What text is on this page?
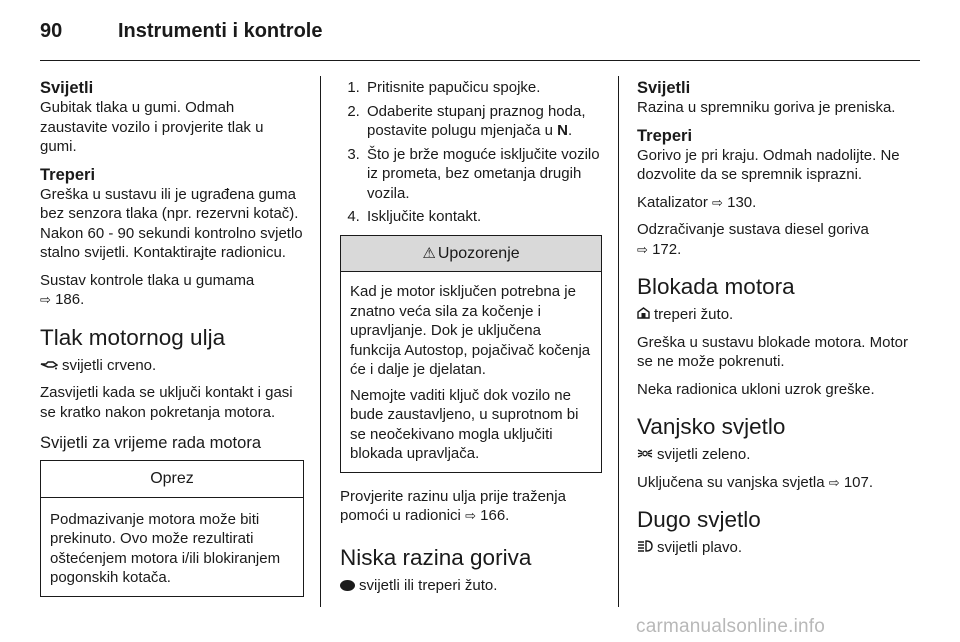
90	Instrumenti i kontrole
Svijetli

Gubitak tlaka u gumi. Odmah zaustavite vozilo i provjerite tlak u gumi.

Treperi

Greška u sustavu ili je ugrađena guma bez senzora tlaka (npr. rezervni kotač). Nakon 60 - 90 sekundi kontrolno svjetlo stalno svijetli. Kontaktirajte radionicu.

Sustav kontrole tlaka u gumama
⇨ 186.

Tlak motornog ulja

svijetli crveno.

Zasvijetli kada se uključi kontakt i gasi se kratko nakon pokretanja motora.

Svijetli za vrijeme rada motora
Oprez

Podmazivanje motora može biti prekinuto. Ovo može rezultirati oštećenjem motora i/ili blokiranjem pogonskih kotača.

1. Pritisnite papučicu spojke.
2. Odaberite stupanj praznog hoda, postavite polugu mjenjača u N.
3. Što je brže moguće isključite vozilo iz prometa, bez ometanja drugih vozila.
4. Isključite kontakt.
⚠ Upozorenje

Kad je motor isključen potrebna je znatno veća sila za kočenje i upravljanje. Dok je uključena funkcija Autostop, pojačivač kočenja će i dalje je djelatan.

Nemojte vaditi ključ dok vozilo ne bude zaustavljeno, u suprotnom bi se neočekivano mogla uključiti blokada upravljača.

Provjerite razinu ulja prije traženja pomoći u radionici ⇨ 166.

Niska razina goriva

svijetli ili treperi žuto.

Svijetli

Razina u spremniku goriva je preniska.

Treperi

Gorivo je pri kraju. Odmah nadolijte. Ne dozvolite da se spremnik isprazni.

Katalizator ⇨ 130.

Odzračivanje sustava diesel goriva
⇨ 172.

Blokada motora

treperi žuto.

Greška u sustavu blokade motora. Motor se ne može pokrenuti.

Neka radionica ukloni uzrok greške.

Vanjsko svjetlo

svijetli zeleno.

Uključena su vanjska svjetla ⇨ 107.

Dugo svjetlo

svijetli plavo.

carmanualsonline.info
